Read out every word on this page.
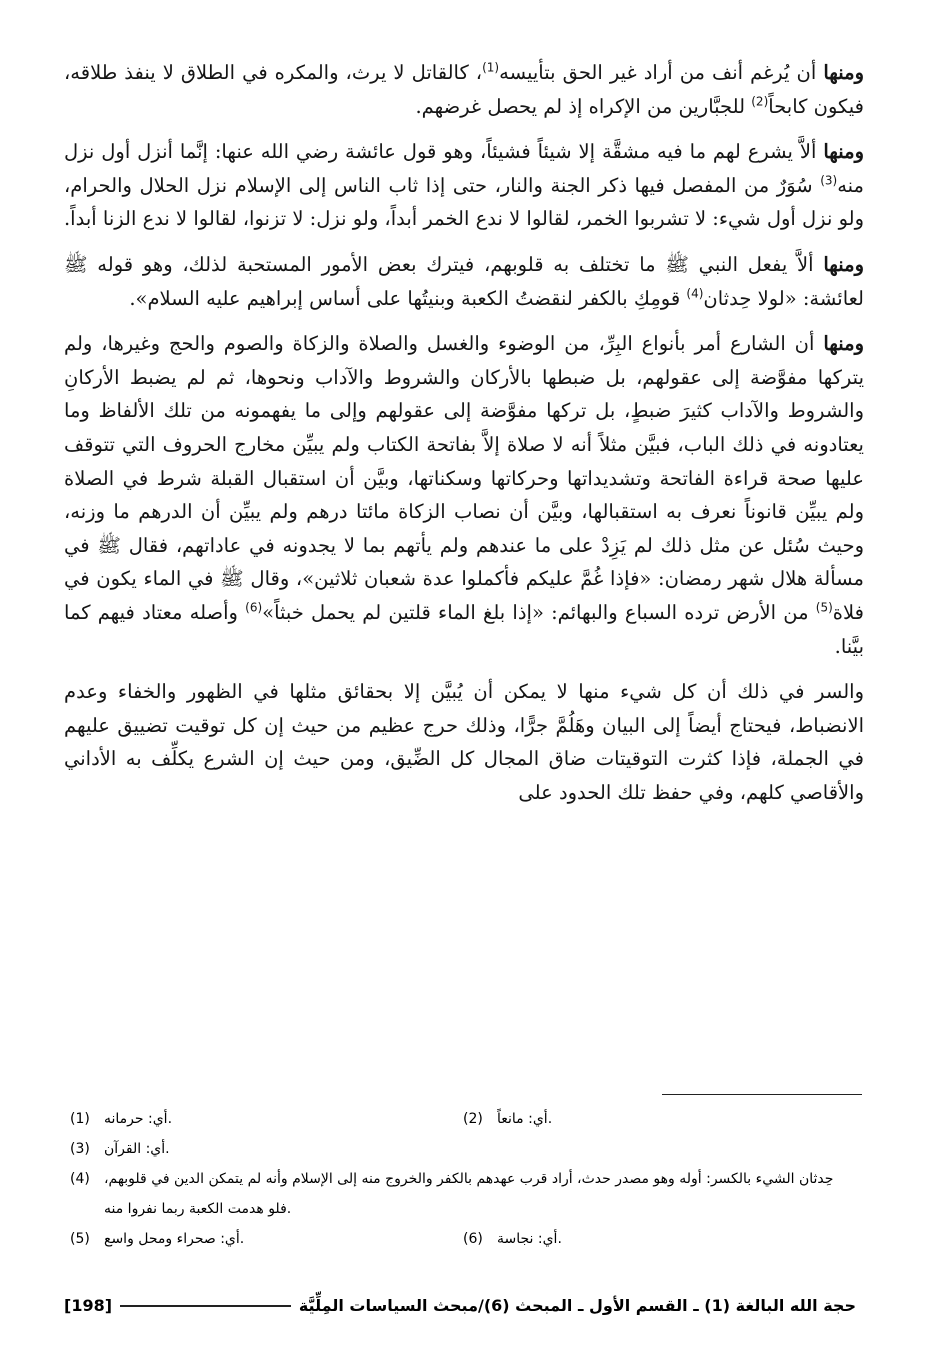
ومنها أن يُرغم أنف من أراد غير الحق بتأييسه$^{(1)}$، كالقاتل لا يرث، والمكره في الطلاق لا ينفذ طلاقه، فيكون كابحاً$^{(2)}$ للجبَّارين من الإكراه إذ لم يحصل غرضهم.

ومنها ألاَّ يشرع لهم ما فيه مشقَّة إلا شيئاً فشيئاً، وهو قول عائشة رضي الله عنها: إنَّما أنزل أول نزل منه$^{(3)}$ سُوَرٌ من المفصل فيها ذكر الجنة والنار، حتى إذا ثاب الناس إلى الإسلام نزل الحلال والحرام، ولو نزل أول شيء: لا تشربوا الخمر، لقالوا لا ندع الخمر أبداً، ولو نزل: لا تزنوا، لقالوا لا ندع الزنا أبداً.

ومنها ألاَّ يفعل النبي ﷺ ما تختلف به قلوبهم، فيترك بعض الأمور المستحبة لذلك، وهو قوله ﷺ لعائشة: «لولا حِدثان$^{(4)}$ قومِكِ بالكفر لنقضتُ الكعبة وبنيتُها على أساس إبراهيم عليه السلام».

ومنها أن الشارع أمر بأنواع البِرِّ، من الوضوء والغسل والصلاة والزكاة والصوم والحج وغيرها، ولم يتركها مفوَّضة إلى عقولهم، بل ضبطها بالأركان والشروط والآداب ونحوها، ثم لم يضبط الأركانِ والشروط والآداب كثيرَ ضبطٍ، بل تركها مفوَّضة إلى عقولهم وإلى ما يفهمونه من تلك الألفاظ وما يعتادونه في ذلك الباب، فبيَّن مثلاً أنه لا صلاة إلاَّ بفاتحة الكتاب ولم يبيِّن مخارج الحروف التي تتوقف عليها صحة قراءة الفاتحة وتشديداتها وحركاتها وسكناتها، وبيَّن أن استقبال القبلة شرط في الصلاة ولم يبيِّن قانوناً نعرف به استقبالها، وبيَّن أن نصاب الزكاة مائتا درهم ولم يبيِّن أن الدرهم ما وزنه، وحيث سُئل عن مثل ذلك لم يَزِدْ على ما عندهم ولم يأتهم بما لا يجدونه في عاداتهم، فقال ﷺ في مسألة هلال شهر رمضان: «فإذا غُمَّ عليكم فأكملوا عدة شعبان ثلاثين»، وقال ﷺ في الماء يكون في فلاة$^{(5)}$ من الأرض ترده السباع والبهائم: «إذا بلغ الماء قلتين لم يحمل خبثاً»$^{(6)}$ وأصله معتاد فيهم كما بيَّنا.

والسر في ذلك أن كل شيء منها لا يمكن أن يُبيَّن إلا بحقائق مثلها في الظهور والخفاء وعدم الانضباط، فيحتاج أيضاً إلى البيان وهَلُمَّ جرًّا، وذلك حرج عظيم من حيث إن كل توقيت تضييق عليهم في الجملة، فإذا كثرت التوقيتات ضاق المجال كل الضِّيق، ومن حيث إن الشرع يكلِّف به الأداني والأقاصي كلهم، وفي حفظ تلك الحدود على

(1)	أي: حرمانه.	(2)	أي: مانعاً.
(3)	أي: القرآن.
(4)	حِدثان الشيء بالكسر: أوله وهو مصدر حدث، أراد قرب عهدهم بالكفر والخروج منه إلى الإسلام وأنه لم يتمكن الدين في قلوبهم، فلو هدمت الكعبة ربما نفروا منه.
(5)	أي: صحراء ومحل واسع.	(6)	أي: نجاسة.
حجة الله البالغة (1) ـ القسم الأول ـ المبحث (6)/مبحث السياسات المِلِّيَّة
[198]
